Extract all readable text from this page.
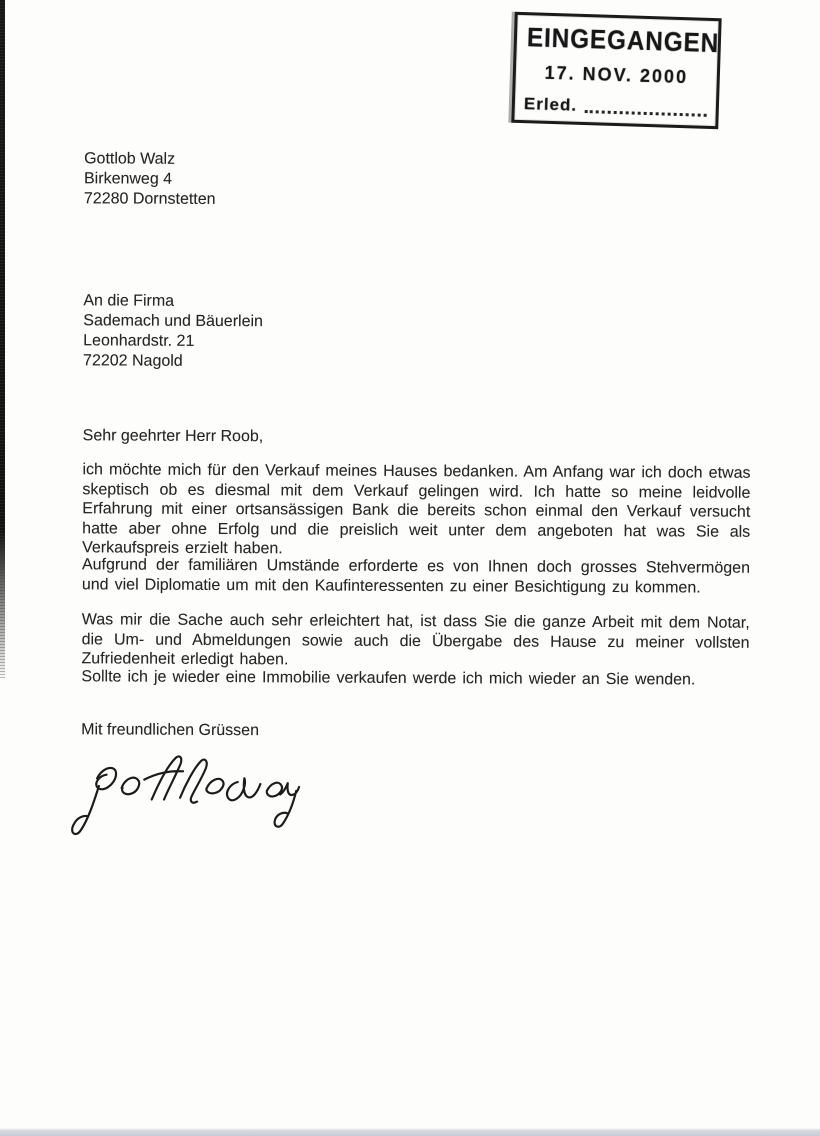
EINGEGANGEN
17. NOV. 2000
Erled.
Gottlob Walz
Birkenweg 4
72280 Dornstetten
An die Firma
Sademach und Bäuerlein
Leonhardstr. 21
72202 Nagold
Sehr geehrter Herr Roob,

ich möchte mich für den Verkauf meines Hauses bedanken. Am Anfang war ich doch etwas skeptisch ob es diesmal mit dem Verkauf gelingen wird. Ich hatte so meine leidvolle Erfahrung mit einer ortsansässigen Bank die bereits schon einmal den Verkauf versucht hatte aber ohne Erfolg und die preislich weit unter dem angeboten hat was Sie als Verkaufspreis erzielt haben.

Aufgrund der familiären Umstände erforderte es von Ihnen doch grosses Stehvermögen und viel Diplomatie um mit den Kaufinteressenten zu einer Besichtigung zu kommen.

Was mir die Sache auch sehr erleichtert hat, ist dass Sie die ganze Arbeit mit dem Notar, die Um- und Abmeldungen sowie auch die Übergabe des Hause zu meiner vollsten Zufriedenheit erledigt haben.

Sollte ich je wieder eine Immobilie verkaufen werde ich mich wieder an Sie wenden.

Mit freundlichen Grüssen
